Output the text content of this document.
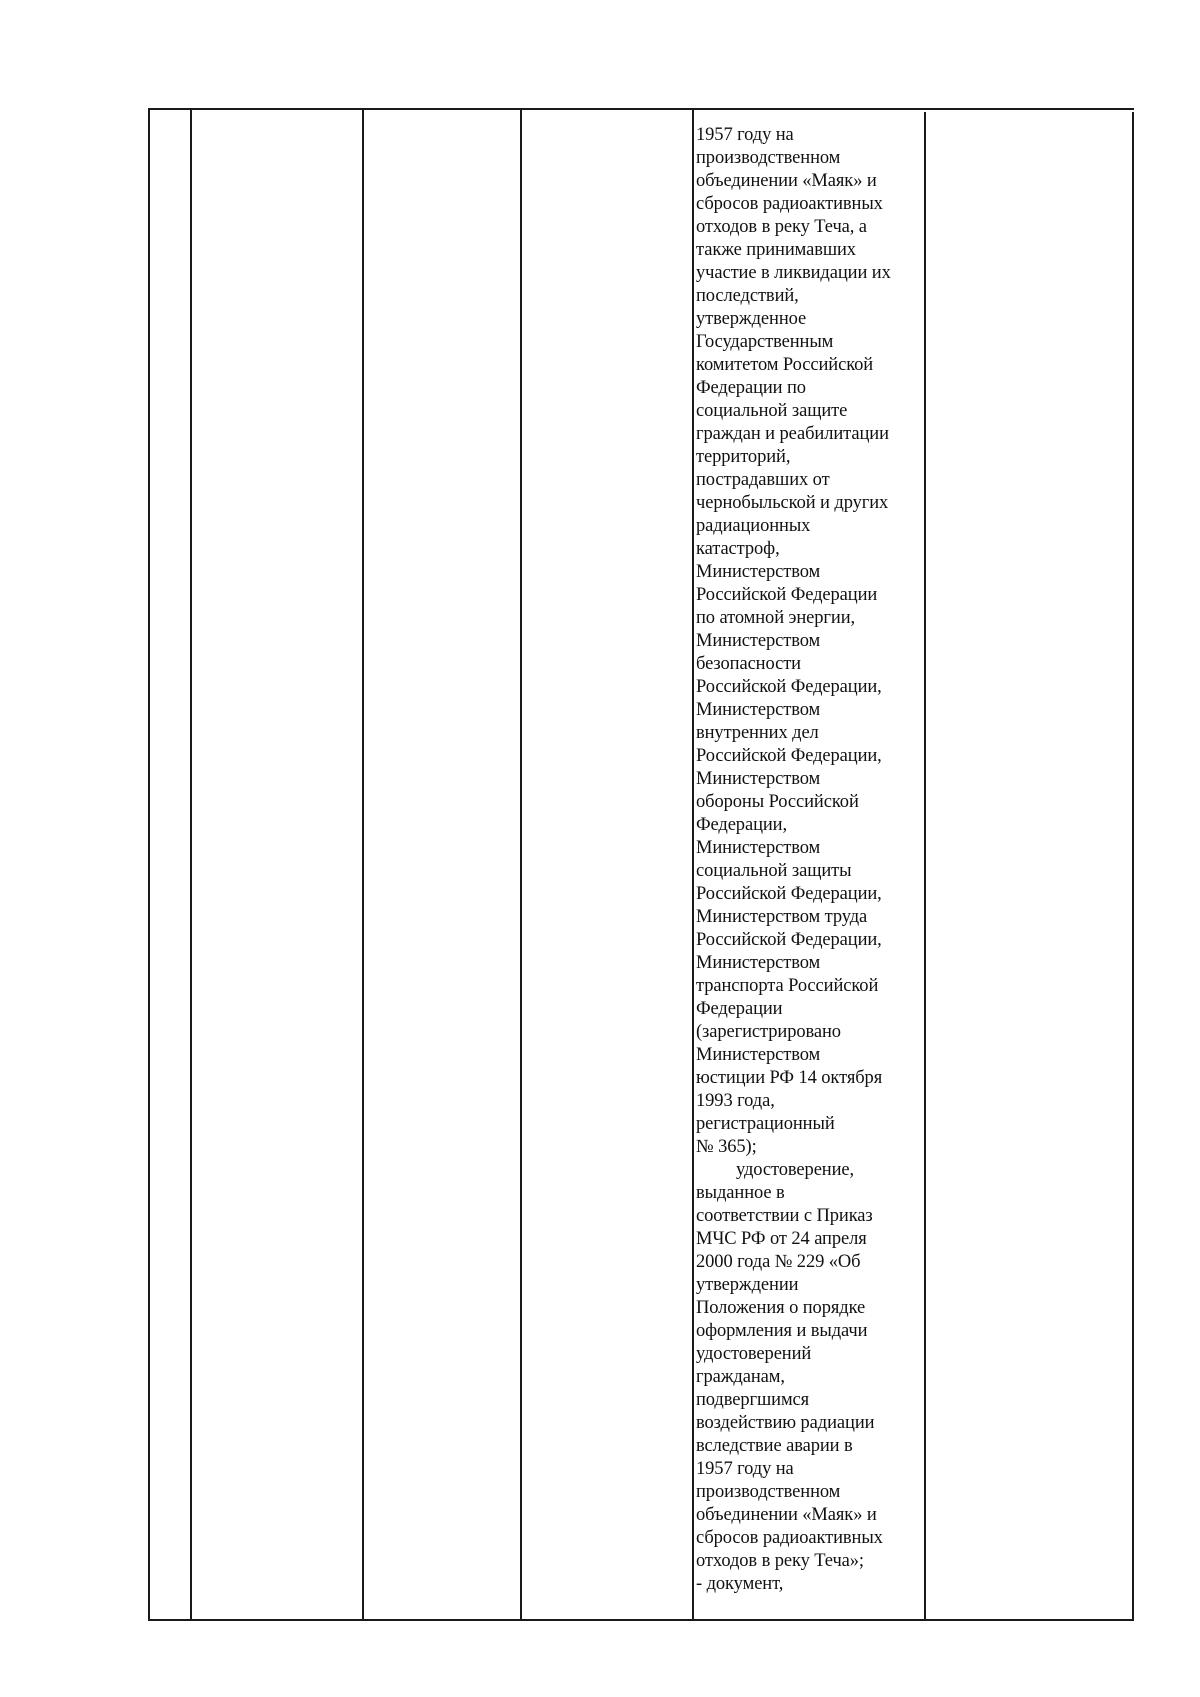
1957 году на
производственном
объединении «Маяк» и
сбросов радиоактивных
отходов в реку Теча, а
также принимавших
участие в ликвидации их
последствий,
утвержденное
Государственным
комитетом Российской
Федерации по
социальной защите
граждан и реабилитации
территорий,
пострадавших от
чернобыльской и других
радиационных
катастроф,
Министерством
Российской Федерации
по атомной энергии,
Министерством
безопасности
Российской Федерации,
Министерством
внутренних дел
Российской Федерации,
Министерством
обороны Российской
Федерации,
Министерством
социальной защиты
Российской Федерации,
Министерством труда
Российской Федерации,
Министерством
транспорта Российской
Федерации
(зарегистрировано
Министерством
юстиции РФ 14 октября
1993 года,
регистрационный
№ 365);
удостоверение,
выданное в
соответствии с Приказ
МЧС РФ от 24 апреля
2000 года № 229 «Об
утверждении
Положения о порядке
оформления и выдачи
удостоверений
гражданам,
подвергшимся
воздействию радиации
вследствие аварии в
1957 году на
производственном
объединении «Маяк» и
сбросов радиоактивных
отходов в реку Теча»;
- документ,
